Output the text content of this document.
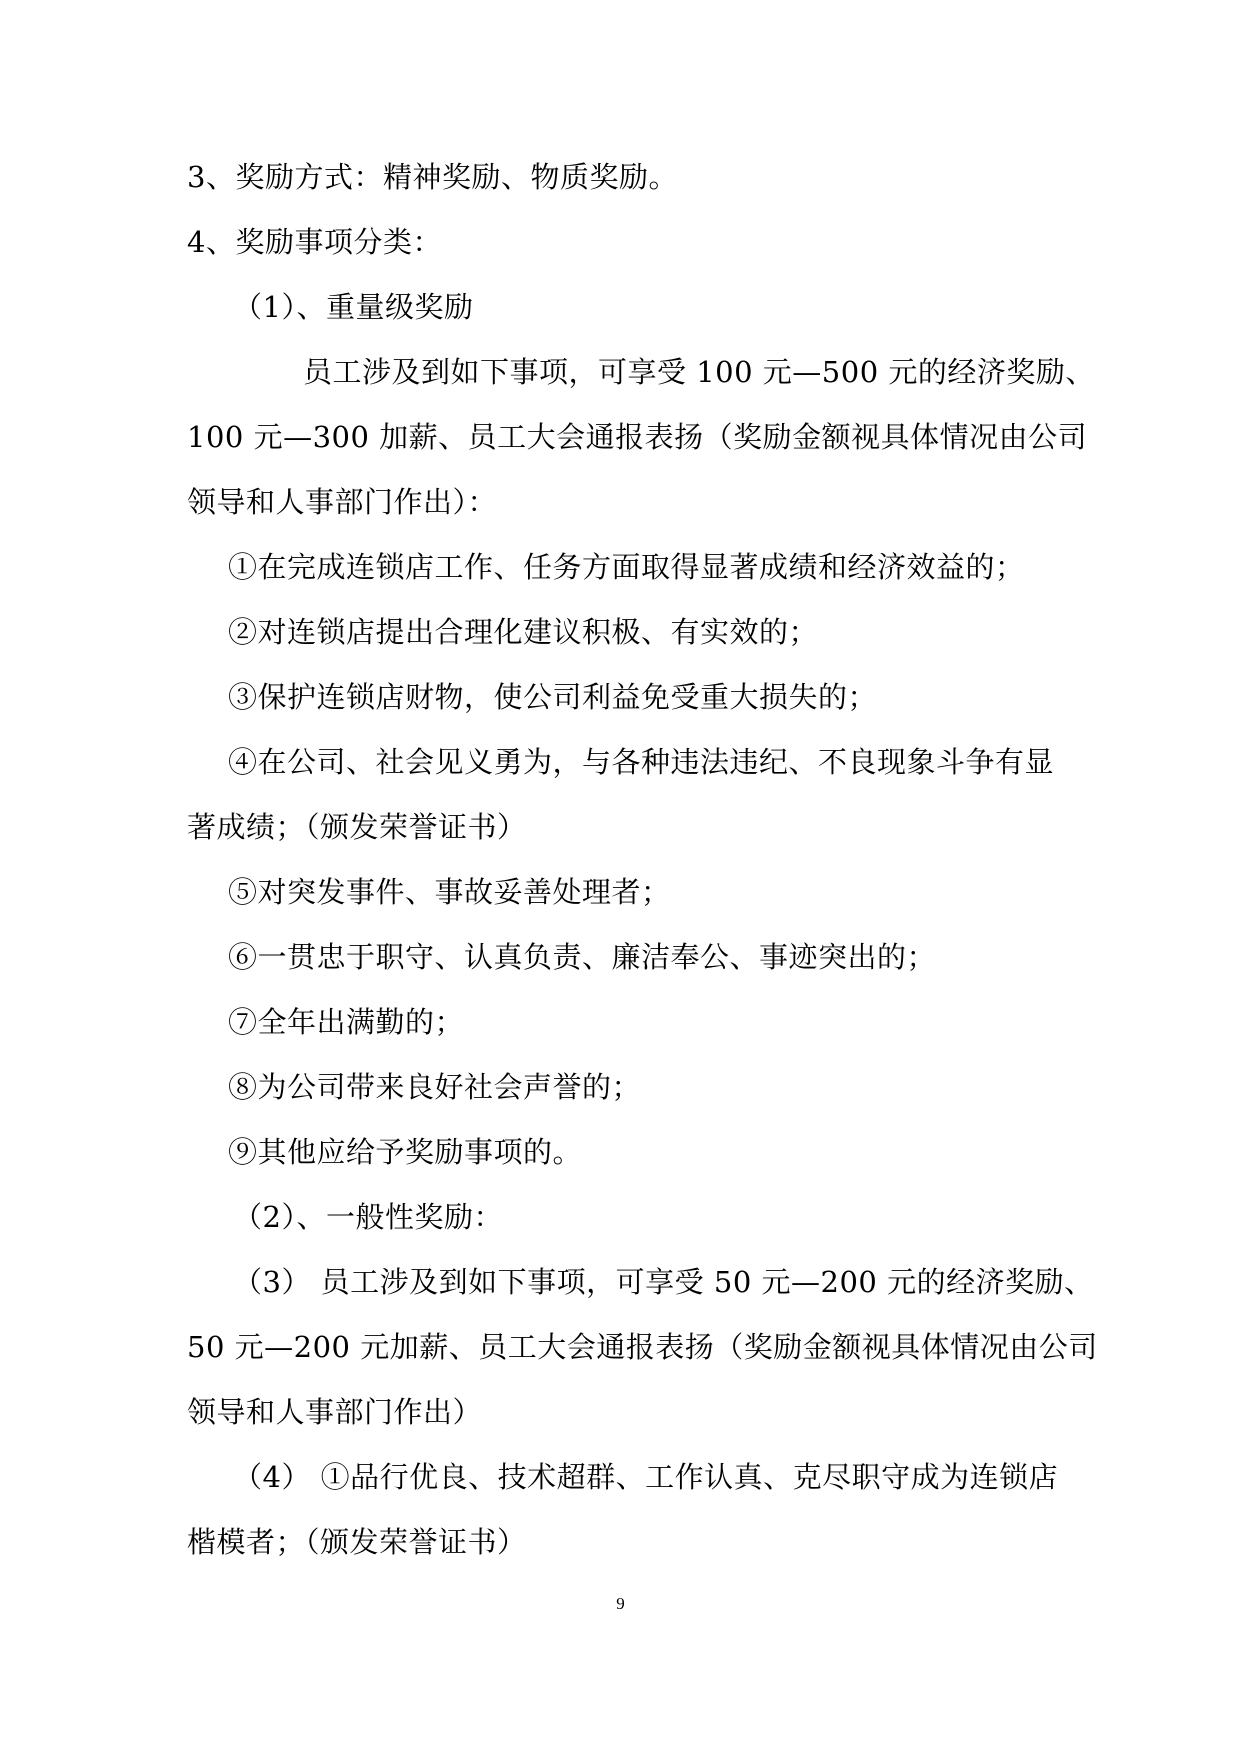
3、奖励方式：精神奖励、物质奖励。
4、奖励事项分类：
（1）、重量级奖励
员工涉及到如下事项，可享受 100 元—500 元的经济奖励、
100 元—300 加薪、员工大会通报表扬（奖励金额视具体情况由公司
领导和人事部门作出）：
①在完成连锁店工作、任务方面取得显著成绩和经济效益的；
②对连锁店提出合理化建议积极、有实效的；
③保护连锁店财物，使公司利益免受重大损失的；
④在公司、社会见义勇为，与各种违法违纪、不良现象斗争有显
著成绩；（颁发荣誉证书）
⑤对突发事件、事故妥善处理者；
⑥一贯忠于职守、认真负责、廉洁奉公、事迹突出的；
⑦全年出满勤的；
⑧为公司带来良好社会声誉的；
⑨其他应给予奖励事项的。
（2）、一般性奖励：
（3） 员工涉及到如下事项，可享受 50 元—200 元的经济奖励、
50 元—200 元加薪、员工大会通报表扬（奖励金额视具体情况由公司
领导和人事部门作出）
（4） ①品行优良、技术超群、工作认真、克尽职守成为连锁店
楷模者；（颁发荣誉证书）
9
